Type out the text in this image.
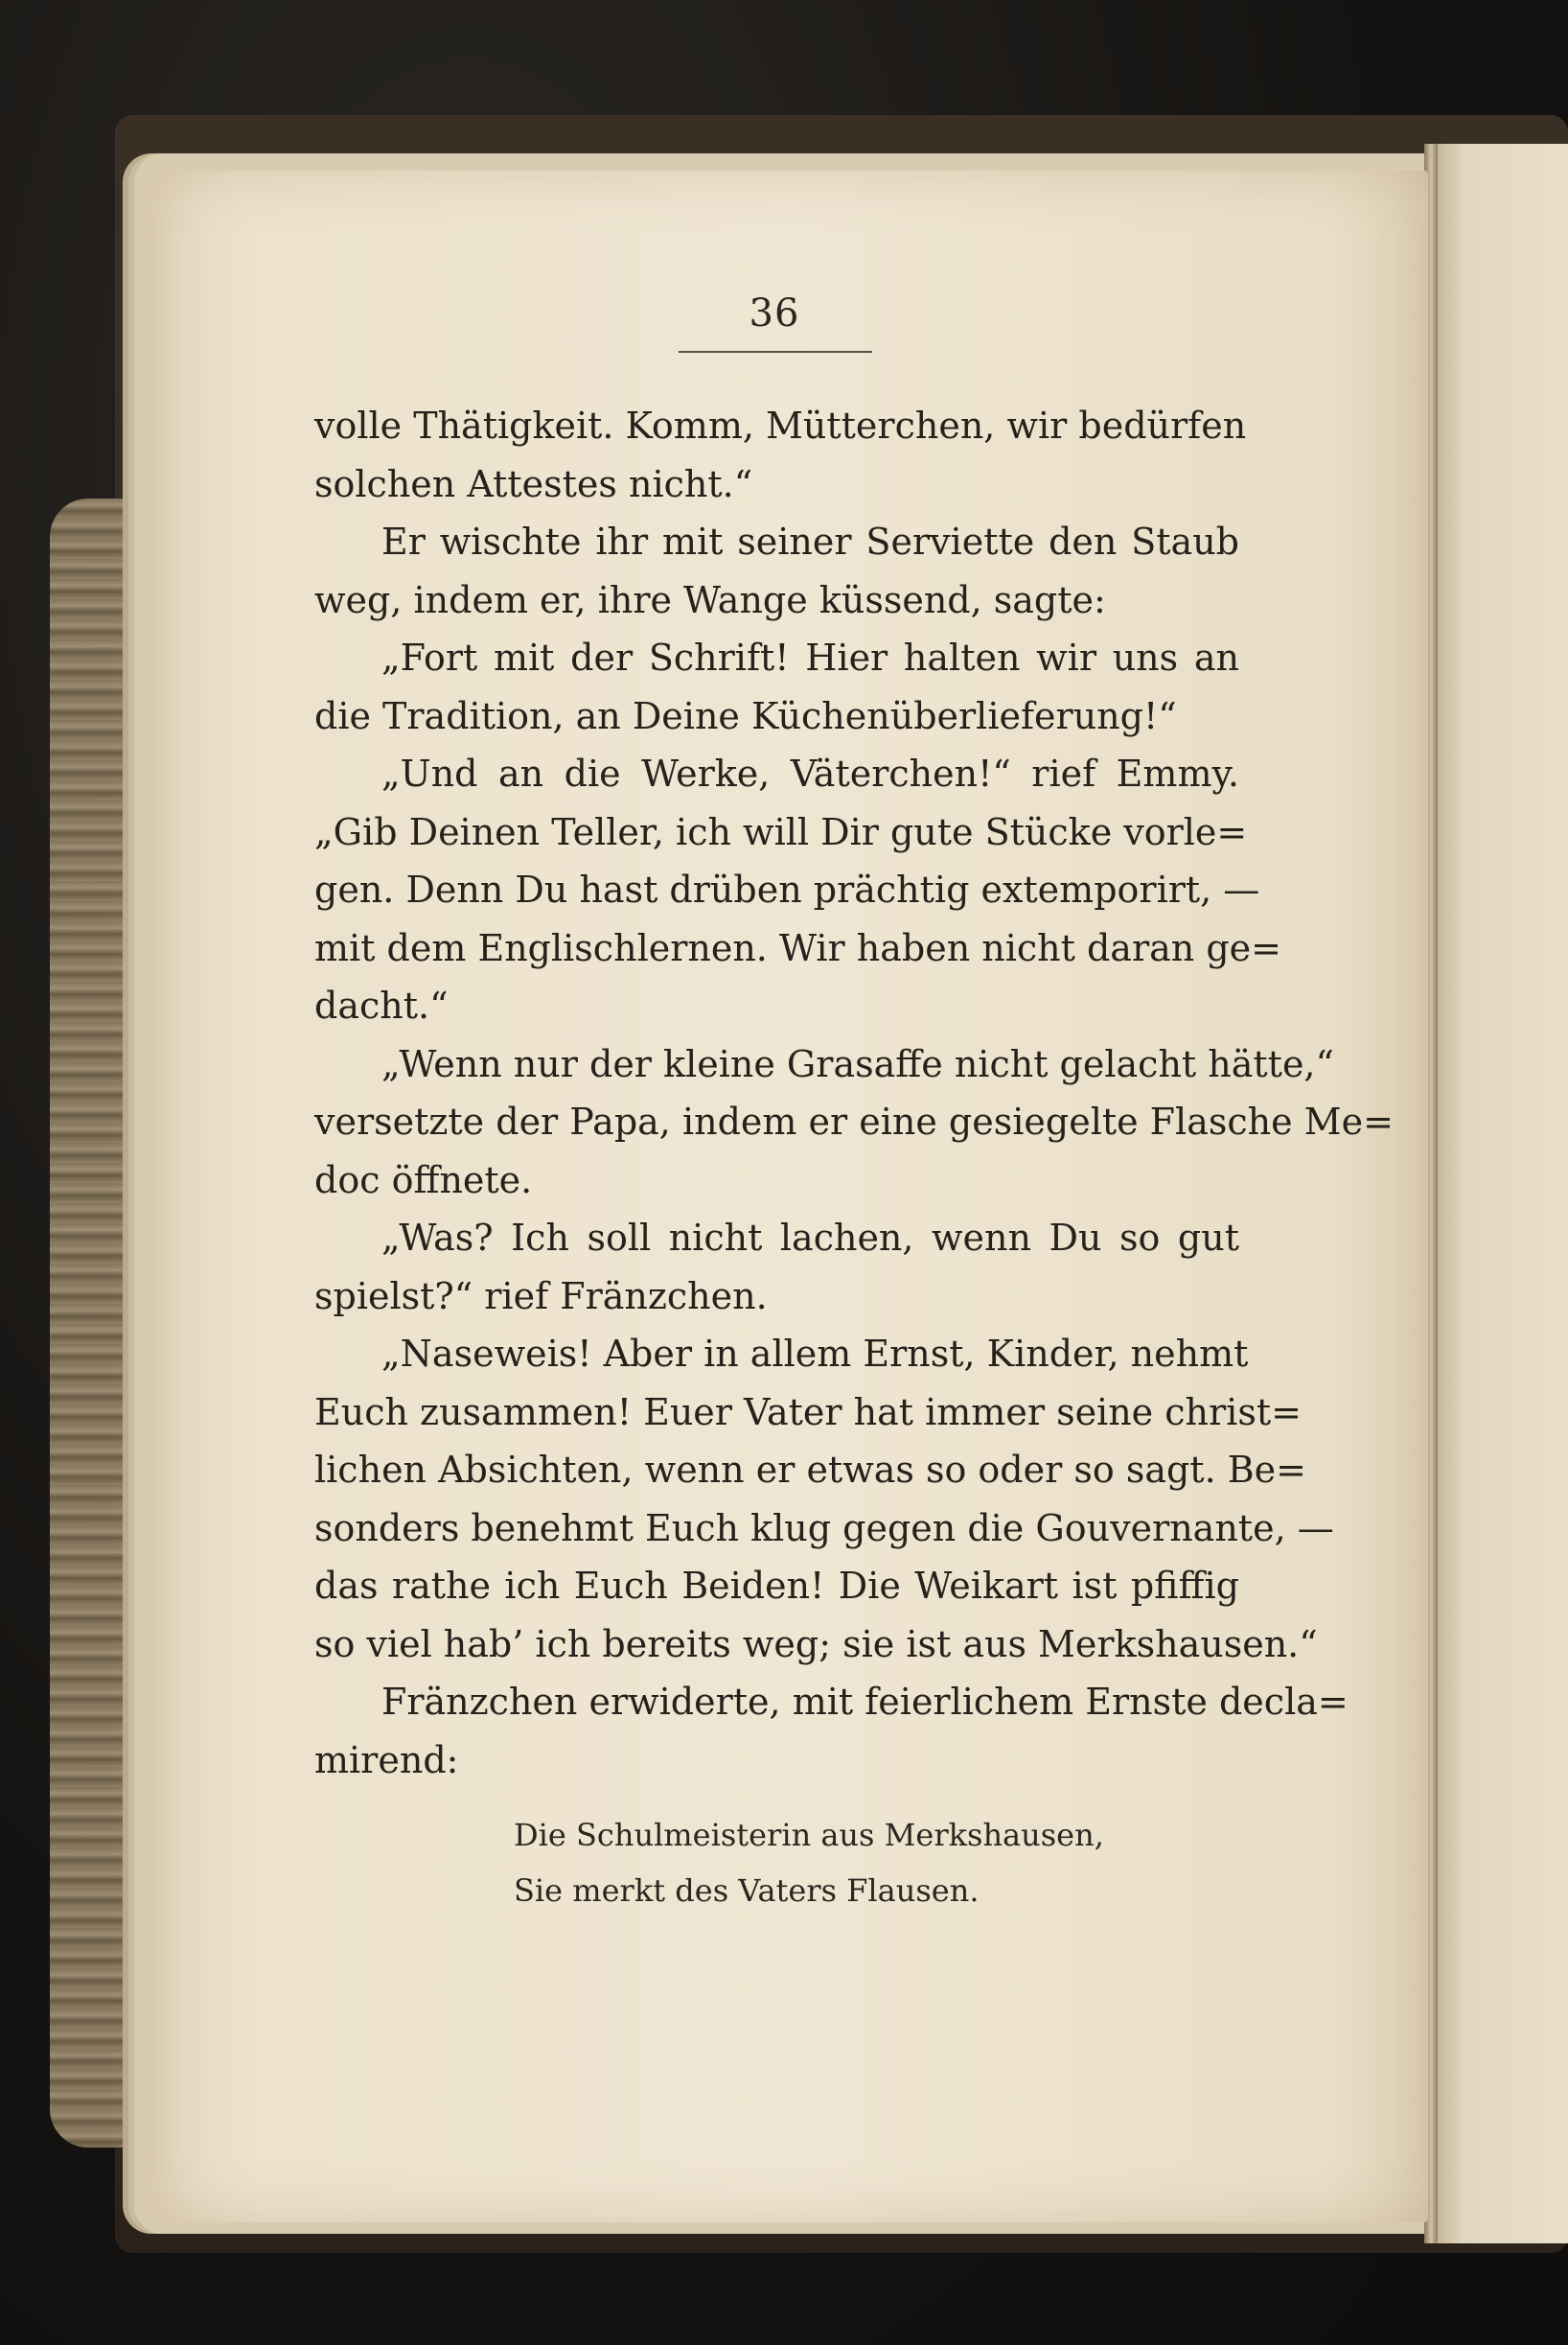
36
volle Thätigkeit. Komm, Mütterchen, wir bedürfen
solchen Attestes nicht.“
Er wischte ihr mit seiner Serviette den Staub
weg, indem er, ihre Wange küssend, sagte:
„Fort mit der Schrift! Hier halten wir uns an
die Tradition, an Deine Küchenüberlieferung!“
„Und an die Werke, Väterchen!“ rief Emmy.
„Gib Deinen Teller, ich will Dir gute Stücke vorle=
gen. Denn Du hast drüben prächtig extemporirt, —
mit dem Englischlernen. Wir haben nicht daran ge=
dacht.“
„Wenn nur der kleine Grasaffe nicht gelacht hätte,“
versetzte der Papa, indem er eine gesiegelte Flasche Me=
doc öffnete.
„Was? Ich soll nicht lachen, wenn Du so gut
spielst?“ rief Fränzchen.
„Naseweis! Aber in allem Ernst, Kinder, nehmt
Euch zusammen! Euer Vater hat immer seine christ=
lichen Absichten, wenn er etwas so oder so sagt. Be=
sonders benehmt Euch klug gegen die Gouvernante, —
das rathe ich Euch Beiden! Die Weikart ist pfiffig
so viel hab’ ich bereits weg; sie ist aus Merkshausen.“
Fränzchen erwiderte, mit feierlichem Ernste decla=
mirend:
Die Schulmeisterin aus Merkshausen,
Sie merkt des Vaters Flausen.
